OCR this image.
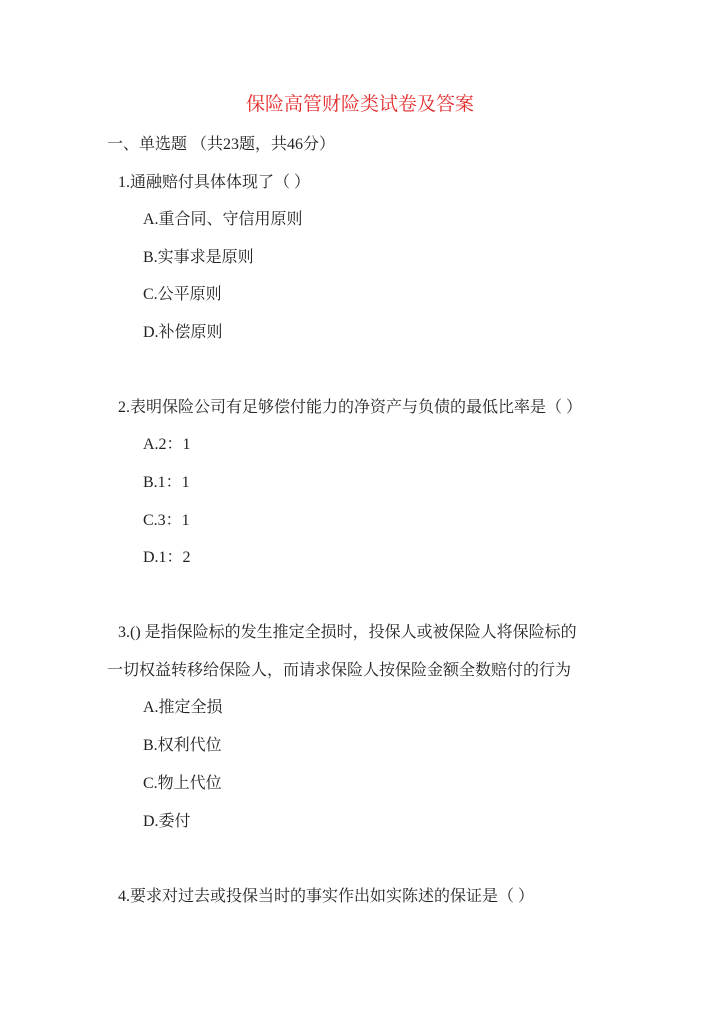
保险高管财险类试卷及答案
一、单选题 （共23题，共46分）
1.通融赔付具体体现了（ ）
A.重合同、守信用原则
B.实事求是原则
C.公平原则
D.补偿原则
2.表明保险公司有足够偿付能力的净资产与负债的最低比率是（ ）
A.2：1
B.1：1
C.3：1
D.1：2
3.() 是指保险标的发生推定全损时，投保人或被保险人将保险标的
一切权益转移给保险人，而请求保险人按保险金额全数赔付的行为
A.推定全损
B.权利代位
C.物上代位
D.委付
4.要求对过去或投保当时的事实作出如实陈述的保证是（ ）
